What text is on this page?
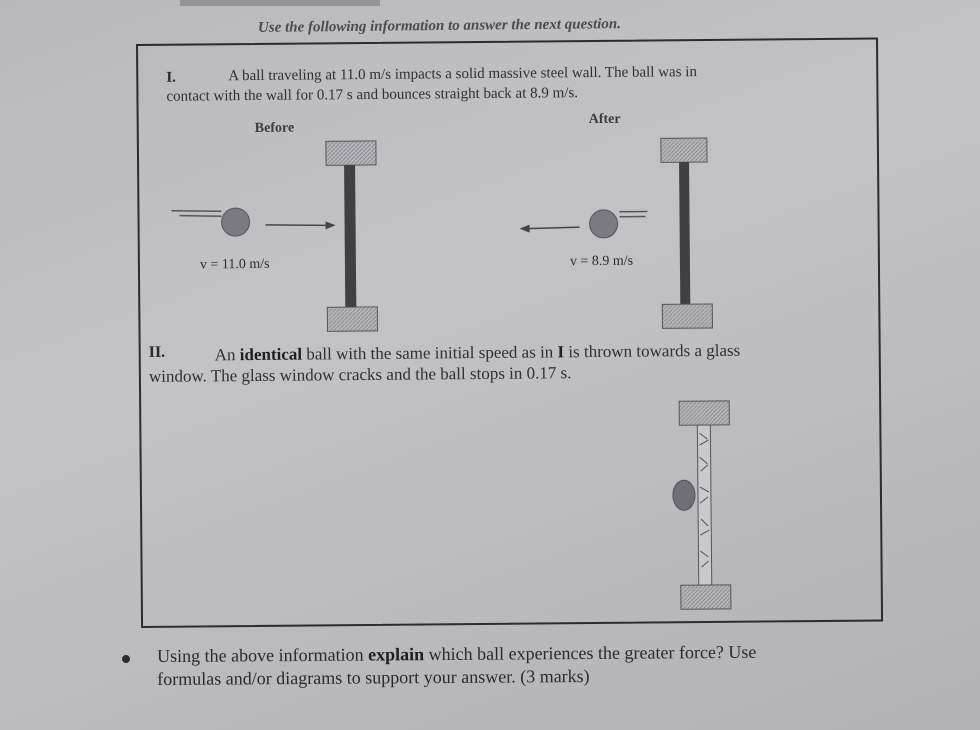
Use the following information to answer the next question.
I.	A ball traveling at 11.0 m/s impacts a solid massive steel wall. The ball was in
contact with the wall for 0.17 s and bounces straight back at 8.9 m/s.
Before
After
v = 11.0 m/s	v = 8.9 m/s
II.	An identical ball with the same initial speed as in I is thrown towards a glass
window. The glass window cracks and the ball stops in 0.17 s.
Using the above information explain which ball experiences the greater force? Use
formulas and/or diagrams to support your answer. (3 marks)
